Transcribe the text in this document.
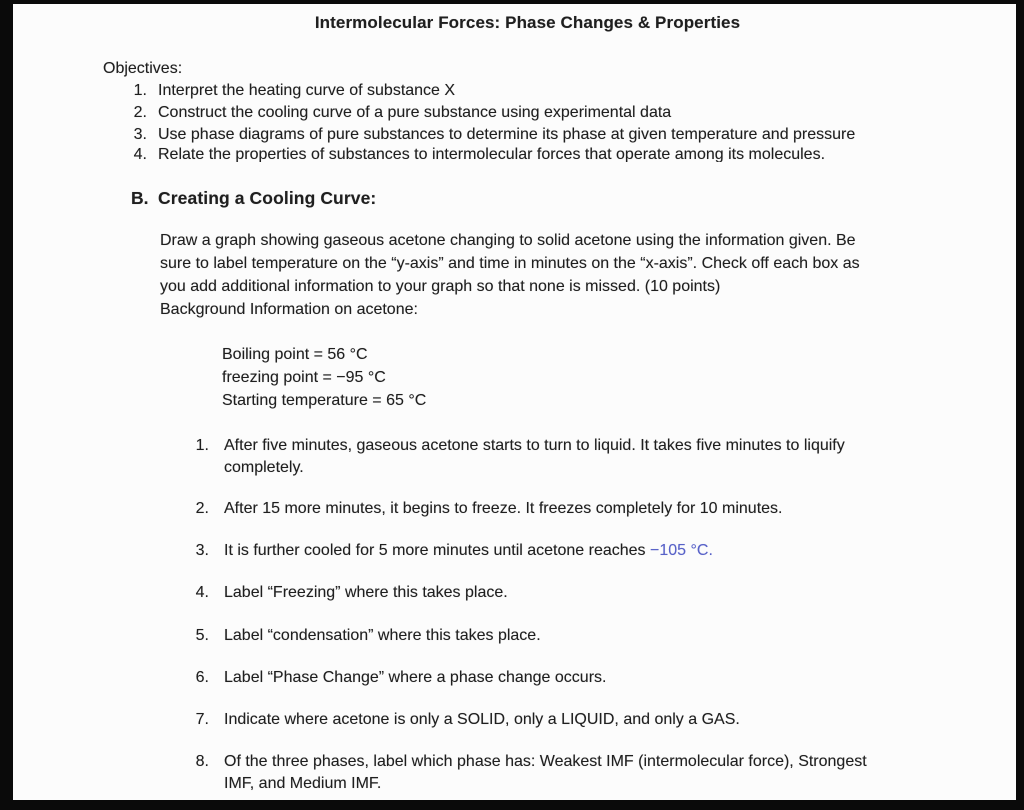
Intermolecular Forces: Phase Changes & Properties
Objectives:
1. Interpret the heating curve of substance X
2. Construct the cooling curve of a pure substance using experimental data
3. Use phase diagrams of pure substances to determine its phase at given temperature and pressure
4. Relate the properties of substances to intermolecular forces that operate among its molecules.
B. Creating a Cooling Curve:
Draw a graph showing gaseous acetone changing to solid acetone using the information given. Be
sure to label temperature on the “y-axis” and time in minutes on the “x-axis”. Check off each box as
you add additional information to your graph so that none is missed. (10 points)
Background Information on acetone:
Boiling point = 56 °C
freezing point = −95 °C
Starting temperature = 65 °C
1. After five minutes, gaseous acetone starts to turn to liquid. It takes five minutes to liquify
completely.
2. After 15 more minutes, it begins to freeze. It freezes completely for 10 minutes.
3. It is further cooled for 5 more minutes until acetone reaches −105 °C.
4. Label “Freezing” where this takes place.
5. Label “condensation” where this takes place.
6. Label “Phase Change” where a phase change occurs.
7. Indicate where acetone is only a SOLID, only a LIQUID, and only a GAS.
8. Of the three phases, label which phase has: Weakest IMF (intermolecular force), Strongest
IMF, and Medium IMF.
